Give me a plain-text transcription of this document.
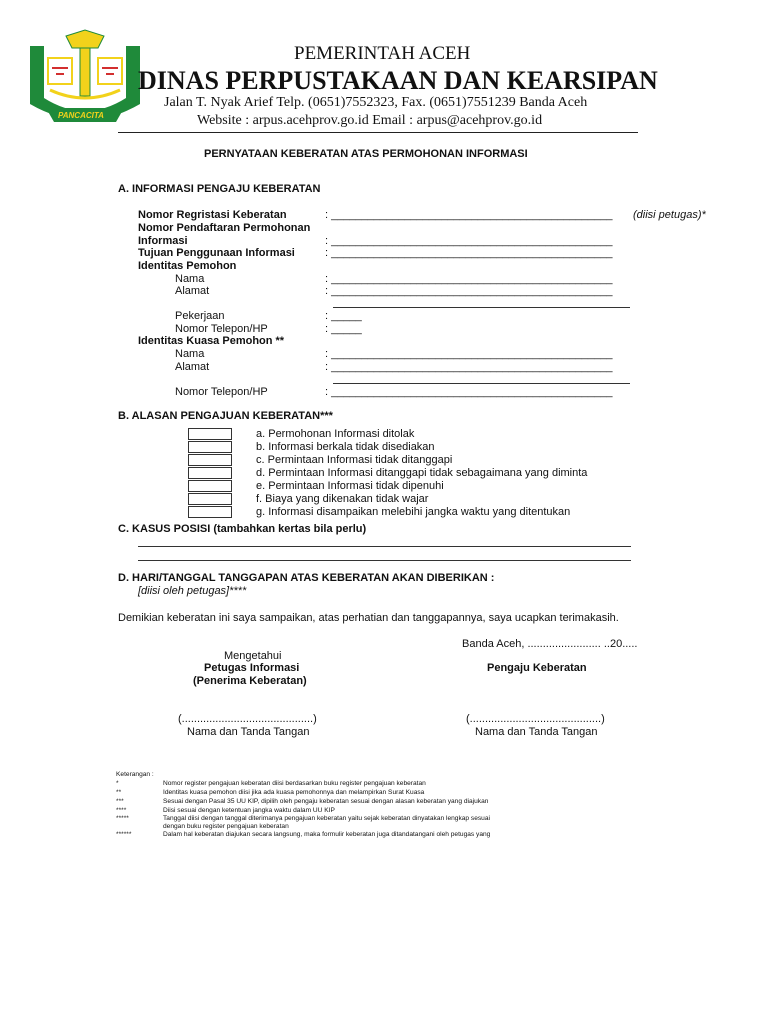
PANCACITA
PEMERINTAH ACEH
DINAS PERPUSTAKAAN DAN KEARSIPAN
Jalan T. Nyak Arief Telp. (0651)7552323, Fax. (0651)7551239 Banda Aceh
Website : arpus.acehprov.go.id Email : arpus@acehprov.go.id
PERNYATAAN KEBERATAN ATAS PERMOHONAN INFORMASI
A. INFORMASI PENGAJU KEBERATAN
Nomor Regristasi Keberatan	: ______________________________________________ (diisi petugas)*
Nomor Pendaftaran Permohonan
Informasi	: ______________________________________________
Tujuan Penggunaan Informasi	: ______________________________________________
Identitas Pemohon
Nama	: ______________________________________________
Alamat	: ______________________________________________
Pekerjaan	: _____
Nomor Telepon/HP	: _____
Identitas Kuasa Pemohon **
Nama	: ______________________________________________
Alamat	: ______________________________________________
Nomor Telepon/HP	: ______________________________________________
B. ALASAN PENGAJUAN KEBERATAN***
a. Permohonan Informasi ditolak
b. Informasi berkala tidak disediakan
c. Permintaan Informasi tidak ditanggapi
d. Permintaan Informasi ditanggapi tidak sebagaimana yang diminta
e. Permintaan Informasi tidak dipenuhi
f. Biaya yang dikenakan tidak wajar
g. Informasi disampaikan melebihi jangka waktu yang ditentukan
C. KASUS POSISI (tambahkan kertas bila perlu)
D. HARI/TANGGAL TANGGAPAN ATAS KEBERATAN AKAN DIBERIKAN :
[diisi oleh petugas]****
Demikian keberatan ini saya sampaikan, atas perhatian dan tanggapannya, saya ucapkan terimakasih.
Banda Aceh, ........................ ..20.....
Mengetahui
Petugas Informasi	Pengaju Keberatan
(Penerima Keberatan)
(...........................................)	(...........................................)
Nama dan Tanda Tangan	Nama dan Tanda Tangan
Keterangan :
*	Nomor register pengajuan keberatan diisi berdasarkan buku register pengajuan keberatan
**	Identitas kuasa pemohon diisi jika ada kuasa pemohonnya dan melampirkan Surat Kuasa
***	Sesuai dengan Pasal 35 UU KIP, dipilih oleh pengaju keberatan sesuai dengan alasan keberatan yang diajukan
****	Diisi sesuai dengan ketentuan jangka waktu dalam UU KIP
*****	Tanggal diisi dengan tanggal diterimanya pengajuan keberatan yaitu sejak keberatan dinyatakan lengkap sesuai
dengan buku register pengajuan keberatan
******	Dalam hal keberatan diajukan secara langsung, maka formulir keberatan juga ditandatangani oleh petugas yang
